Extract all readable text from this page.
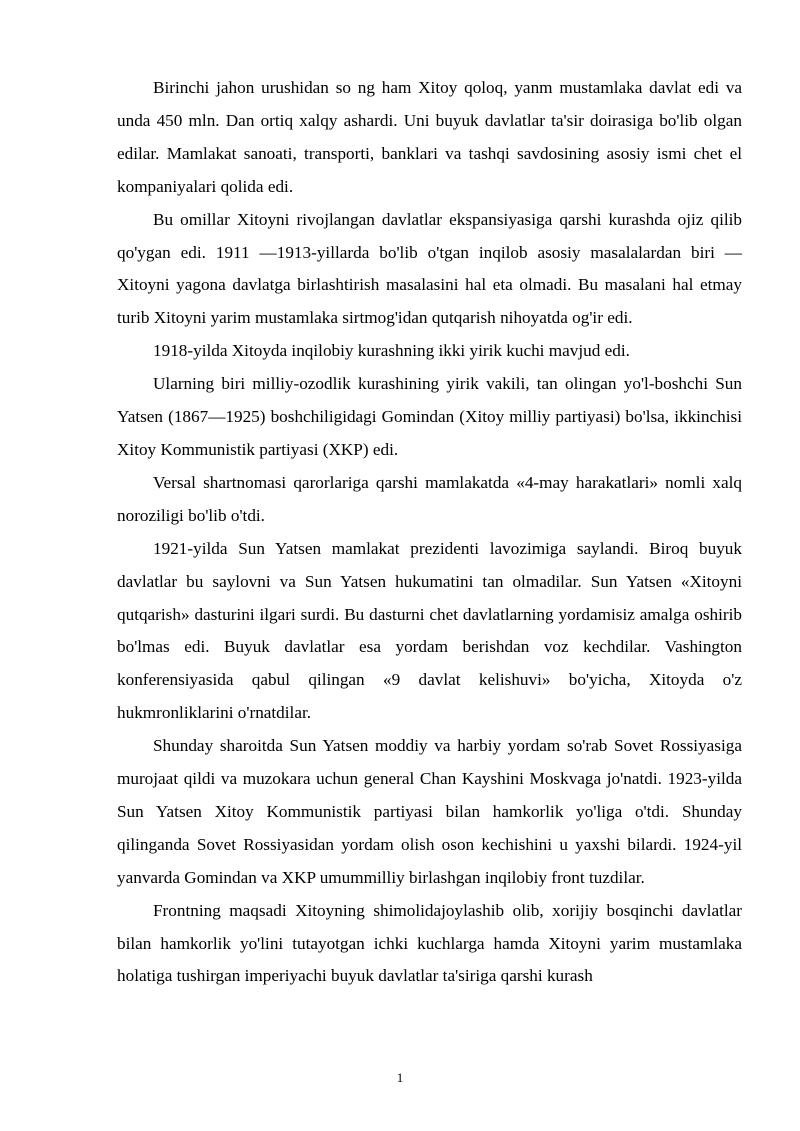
Birinchi jahon urushidan so ng ham Xitoy qoloq, yanm mustamlaka davlat edi va unda 450 mln. Dan ortiq xalqy ashardi. Uni buyuk davlatlar ta'sir doirasiga bo'lib olgan edilar. Mamlakat sanoati, transporti, banklari va tashqi savdosining asosiy ismi chet el kompaniyalari qolida edi.

Bu omillar Xitoyni rivojlangan davlatlar ekspansiyasiga qarshi kurashda ojiz qilib qo'ygan edi. 1911 —1913-yillarda bo'lib o'tgan inqilob asosiy masalalardan biri — Xitoyni yagona davlatga birlashtirish masalasini hal eta olmadi. Bu masalani hal etmay turib Xitoyni yarim mustamlaka sirtmog'idan qutqarish nihoyatda og'ir edi.

1918-yilda Xitoyda inqilobiy kurashning ikki yirik kuchi mavjud edi.

Ularning biri milliy-ozodlik kurashining yirik vakili, tan olingan yo'l-boshchi Sun Yatsen (1867—1925) boshchiligidagi Gomindan (Xitoy milliy partiyasi) bo'lsa, ikkinchisi Xitoy Kommunistik partiyasi (XKP) edi.

Versal shartnomasi qarorlariga qarshi mamlakatda «4-may harakatlari» nomli xalq noroziligi bo'lib o'tdi.

1921-yilda Sun Yatsen mamlakat prezidenti lavozimiga saylandi. Biroq buyuk davlatlar bu saylovni va Sun Yatsen hukumatini tan olmadilar. Sun Yatsen «Xitoyni qutqarish» dasturini ilgari surdi. Bu dasturni chet davlatlarning yordamisiz amalga oshirib bo'lmas edi. Buyuk davlatlar esa yordam berishdan voz kechdilar. Vashington konferensiyasida qabul qilingan «9 davlat kelishuvi» bo'yicha, Xitoyda o'z hukmronliklarini o'rnatdilar.

Shunday sharoitda Sun Yatsen moddiy va harbiy yordam so'rab Sovet Rossiyasiga murojaat qildi va muzokara uchun general Chan Kayshini Moskvaga jo'natdi. 1923-yilda Sun Yatsen Xitoy Kommunistik partiyasi bilan hamkorlik yo'liga o'tdi. Shunday qilinganda Sovet Rossiyasidan yordam olish oson kechishini u yaxshi bilardi. 1924-yil yanvarda Gomindan va XKP umummilliy birlashgan inqilobiy front tuzdilar.

Frontning maqsadi Xitoyning shimolidajoylashib olib, xorijiy bosqinchi davlatlar bilan hamkorlik yo'lini tutayotgan ichki kuchlarga hamda Xitoyni yarim mustamlaka holatiga tushirgan imperiyachi buyuk davlatlar ta'siriga qarshi kurash

1
